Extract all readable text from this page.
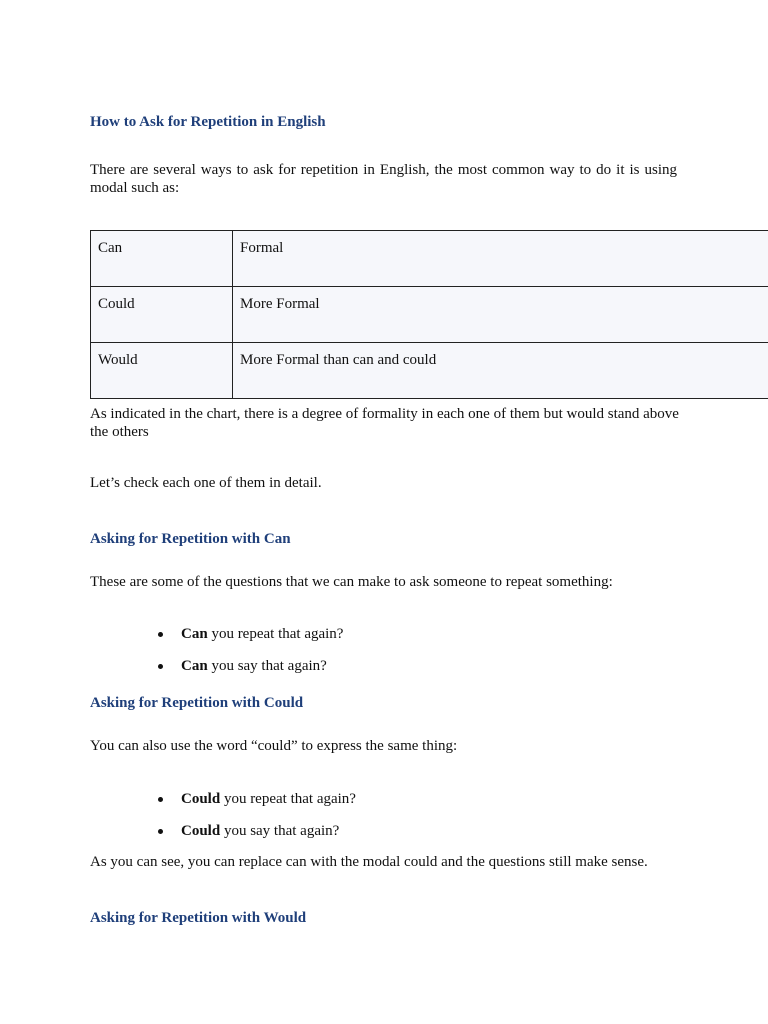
How to Ask for Repetition in English
There are several ways to ask for repetition in English, the most common way to do it is using modal such as:
Can	Formal
Could	More Formal
Would	More Formal than can and could
As indicated in the chart, there is a degree of formality in each one of them but would stand above the others
Let’s check each one of them in detail.
Asking for Repetition with Can
These are some of the questions that we can make to ask someone to repeat something:
Can you repeat that again?
Can you say that again?
Asking for Repetition with Could
You can also use the word “could” to express the same thing:
Could you repeat that again?
Could you say that again?
As you can see, you can replace can with the modal could and the questions still make sense.
Asking for Repetition with Would
